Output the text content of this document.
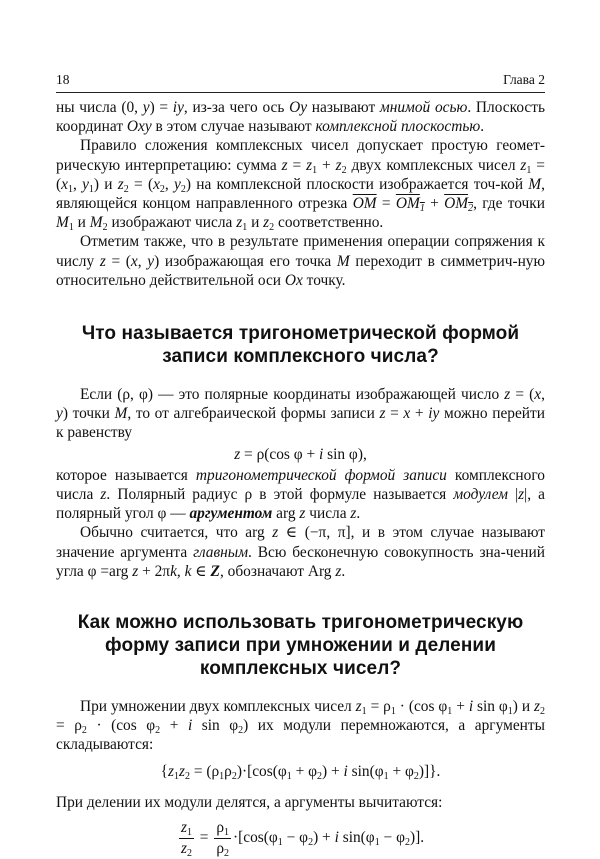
18	Глава 2

ны числа (0, y) = iy, из-за чего ось Oy называют мнимой осью. Плоскость координат Oxy в этом случае называют комплексной плоскостью.

Правило сложения комплексных чисел допускает простую геомет-рическую интерпретацию: сумма $z = z_1 + z_2$ двух комплексных чисел $z_1 = (x_1$, $y_1$) и $z_2 = (x_2$, $y_2$) на комплексной плоскости изображается точ-кой M, являющейся концом направленного отрезка $\overline{OM} = OM_1 + OM_2$, где точки $M_1$ и $M_2$ изображают числа $z_1$ и $z_2$ соответственно.

Отметим также, что в результате применения операции сопряжения к числу z = (x, y) изображающая его точка M переходит в симметрич-ную относительно действительной оси Ox точку.

Что называется тригонометрической формой
записи комплексного числа?

Если (ρ, φ) — это полярные координаты изображающей число z = (x, y) точки M, то от алгебраической формы записи z = x + iy можно перейти к равенству

z = ρ(cos φ + i sin φ),

которое называется тригонометрической формой записи комплексного числа z. Полярный радиус ρ в этой формуле называется модулем |z|, а полярный угол φ — аргументом arg z числа z.

Обычно считается, что arg z ∈ (−π, π], и в этом случае называют значение аргумента главным. Всю бесконечную совокупность зна-чений угла φ =arg z + 2πk, k ∈ Z, обозначают Arg z.

Как можно использовать тригонометрическую
форму записи при умножении и делении
комплексных чисел?

При умножении двух комплексных чисел $z_1 = \rho_1 \cdot (\cos$ $\varphi_1 + i$ $\sin \varphi_1$) и $z_2 = \rho_2 \cdot (\cos$ $\varphi_2 + i$ $\sin \varphi_2$) их модули перемножаются, а аргументы складываются:

{$z_1z_2 = (\rho_1\rho_2)\cdot[\cos(\varphi_1 + \varphi_2) + i$ $\sin(\varphi_1 + \varphi_2)$]}.

При делении их модули делятся, а аргументы вычитаются:

$\frac{z_1}{z_2} = \frac{\rho_1}{\rho_2} \cdot[\cos(\varphi_1 - \varphi_2) + i$ $\sin(\varphi_1 - \varphi_2)$].
